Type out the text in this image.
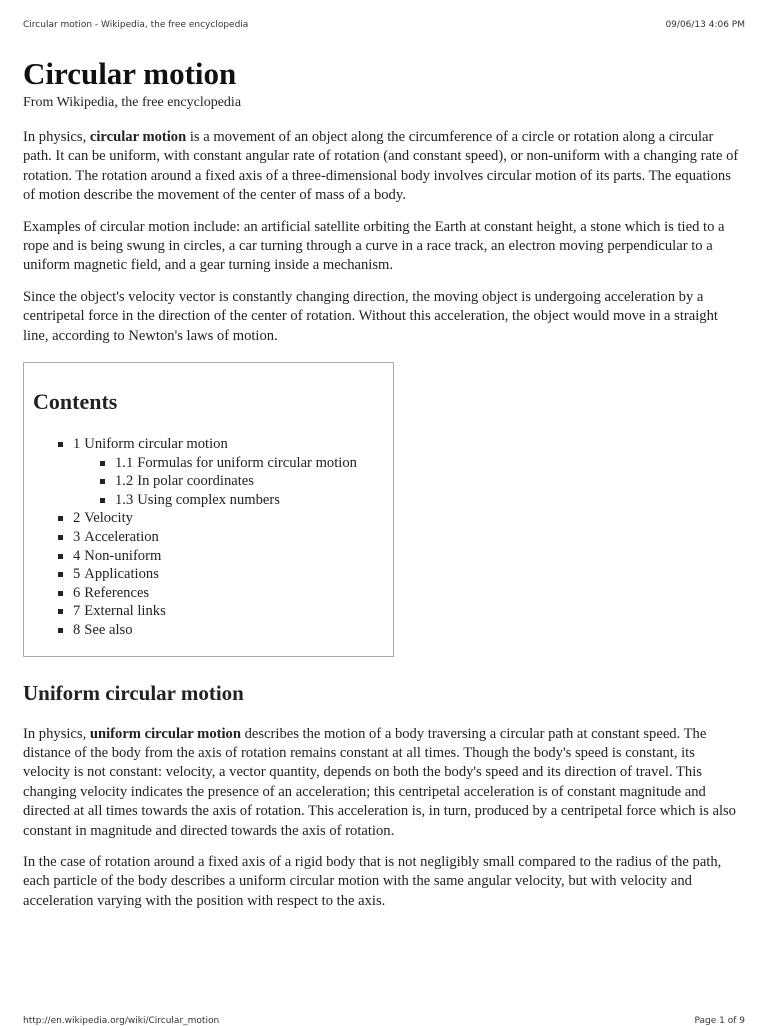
Circular motion - Wikipedia, the free encyclopedia	09/06/13 4:06 PM
Circular motion
From Wikipedia, the free encyclopedia

In physics, circular motion is a movement of an object along the circumference of a circle or rotation along a circular path. It can be uniform, with constant angular rate of rotation (and constant speed), or non-uniform with a changing rate of rotation. The rotation around a fixed axis of a three-dimensional body involves circular motion of its parts. The equations of motion describe the movement of the center of mass of a body.

Examples of circular motion include: an artificial satellite orbiting the Earth at constant height, a stone which is tied to a rope and is being swung in circles, a car turning through a curve in a race track, an electron moving perpendicular to a uniform magnetic field, and a gear turning inside a mechanism.

Since the object's velocity vector is constantly changing direction, the moving object is undergoing acceleration by a centripetal force in the direction of the center of rotation. Without this acceleration, the object would move in a straight line, according to Newton's laws of motion.

Contents
1 Uniform circular motion
1.1 Formulas for uniform circular motion
1.2 In polar coordinates
1.3 Using complex numbers
2 Velocity
3 Acceleration
4 Non-uniform
5 Applications
6 References
7 External links
8 See also
Uniform circular motion

In physics, uniform circular motion describes the motion of a body traversing a circular path at constant speed. The distance of the body from the axis of rotation remains constant at all times. Though the body's speed is constant, its velocity is not constant: velocity, a vector quantity, depends on both the body's speed and its direction of travel. This changing velocity indicates the presence of an acceleration; this centripetal acceleration is of constant magnitude and directed at all times towards the axis of rotation. This acceleration is, in turn, produced by a centripetal force which is also constant in magnitude and directed towards the axis of rotation.

In the case of rotation around a fixed axis of a rigid body that is not negligibly small compared to the radius of the path, each particle of the body describes a uniform circular motion with the same angular velocity, but with velocity and acceleration varying with the position with respect to the axis.

http://en.wikipedia.org/wiki/Circular_motion	Page 1 of 9
